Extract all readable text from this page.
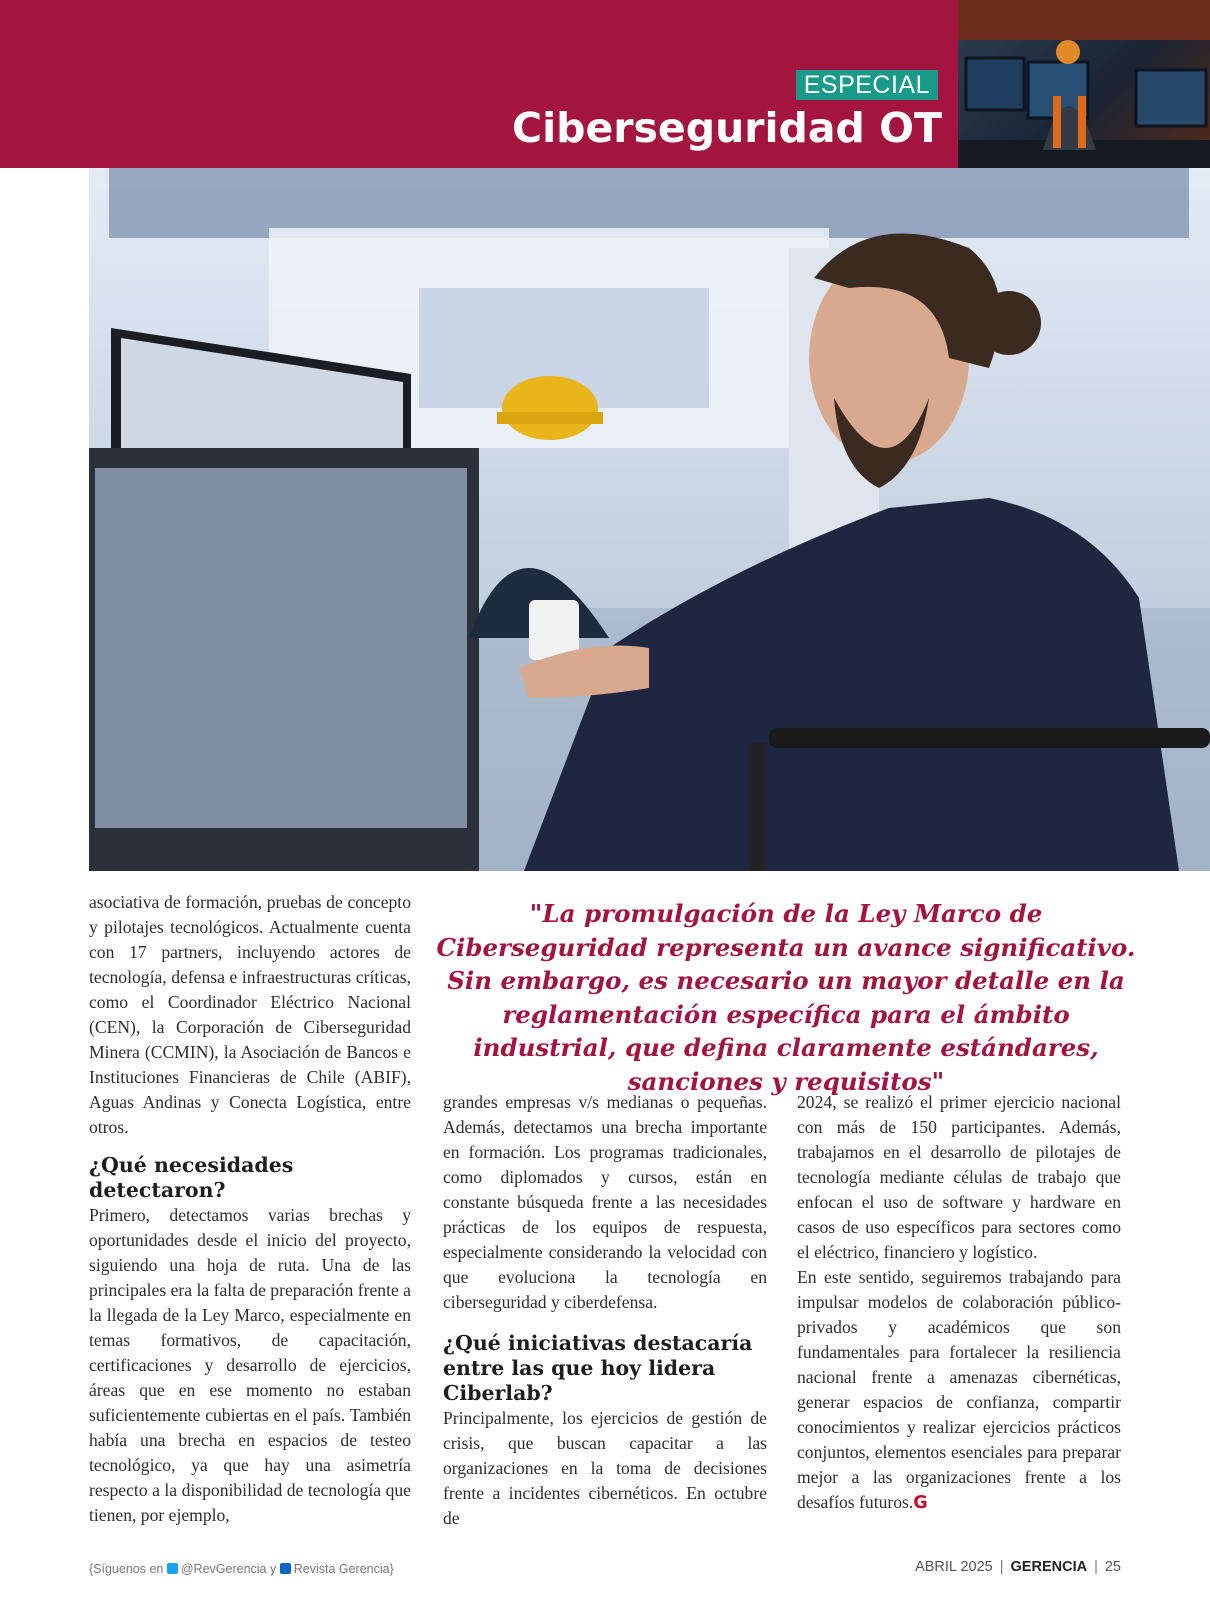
ESPECIAL
Ciberseguridad OT

asociativa de formación, pruebas de concepto y pilotajes tecnológicos. Actualmente cuenta con 17 partners, incluyendo actores de tecnología, defensa e infraestructuras críticas, como el Coordinador Eléctrico Nacional (CEN), la Corporación de Ciberseguridad Minera (CCMIN), la Asociación de Bancos e Instituciones Financieras de Chile (ABIF), Aguas Andinas y Conecta Logística, entre otros.

¿Qué necesidades detectaron?

Primero, detectamos varias brechas y oportunidades desde el inicio del proyecto, siguiendo una hoja de ruta. Una de las principales era la falta de preparación frente a la llegada de la Ley Marco, especialmente en temas formativos, de capacitación, certificaciones y desarrollo de ejercicios, áreas que en ese momento no estaban suficientemente cubiertas en el país. También había una brecha en espacios de testeo tecnológico, ya que hay una asimetría respecto a la disponibilidad de tecnología que tienen, por ejemplo,

"La promulgación de la Ley Marco de Ciberseguridad representa un avance significativo. Sin embargo, es necesario un mayor detalle en la reglamentación específica para el ámbito industrial, que defina claramente estándares, sanciones y requisitos"

grandes empresas v/s medianas o pequeñas. Además, detectamos una brecha importante en formación. Los programas tradicionales, como diplomados y cursos, están en constante búsqueda frente a las necesidades prácticas de los equipos de respuesta, especialmente considerando la velocidad con que evoluciona la tecnología en ciberseguridad y ciberdefensa.

¿Qué iniciativas destacaría entre las que hoy lidera Ciberlab?

Principalmente, los ejercicios de gestión de crisis, que buscan capacitar a las organizaciones en la toma de decisiones frente a incidentes cibernéticos. En octubre de

2024, se realizó el primer ejercicio nacional con más de 150 participantes. Además, trabajamos en el desarrollo de pilotajes de tecnología mediante células de trabajo que enfocan el uso de software y hardware en casos de uso específicos para sectores como el eléctrico, financiero y logístico.

En este sentido, seguiremos trabajando para impulsar modelos de colaboración público-privados y académicos que son fundamentales para fortalecer la resiliencia nacional frente a amenazas cibernéticas, generar espacios de confianza, compartir conocimientos y realizar ejercicios prácticos conjuntos, elementos esenciales para preparar mejor a las organizaciones frente a los desafíos futuros.G

{Síguenos en @RevGerencia y Revista Gerencia}	ABRIL 2025 | GERENCIA | 25
